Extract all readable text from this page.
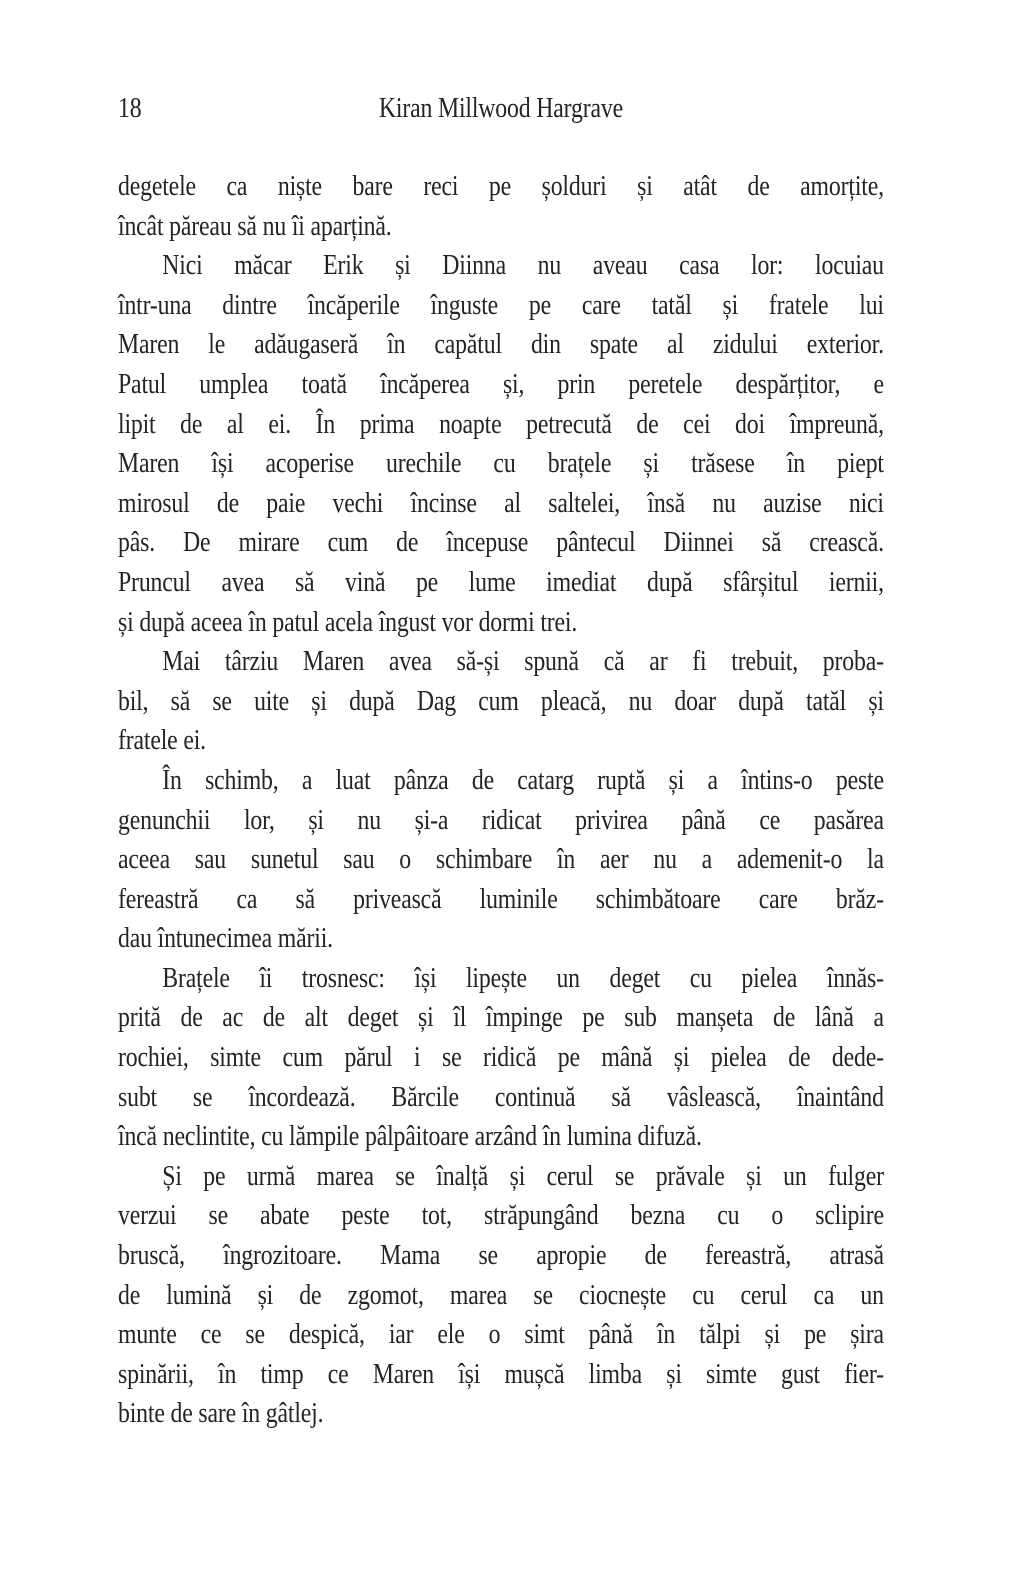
18	Kiran Millwood Hargrave
degetele ca niște bare reci pe șolduri și atât de amorțite,
încât păreau să nu îi aparțină.
Nici măcar Erik și Diinna nu aveau casa lor: locuiau
într-una dintre încăperile înguste pe care tatăl și fratele lui
Maren le adăugaseră în capătul din spate al zidului exterior.
Patul umplea toată încăperea și, prin peretele despărțitor, e
lipit de al ei. În prima noapte petrecută de cei doi împreună,
Maren își acoperise urechile cu brațele și trăsese în piept
mirosul de paie vechi încinse al saltelei, însă nu auzise nici
pâs. De mirare cum de începuse pântecul Diinnei să crească.
Pruncul avea să vină pe lume imediat după sfârșitul iernii,
și după aceea în patul acela îngust vor dormi trei.
Mai târziu Maren avea să-și spună că ar fi trebuit, proba-
bil, să se uite și după Dag cum pleacă, nu doar după tatăl și
fratele ei.
În schimb, a luat pânza de catarg ruptă și a întins-o peste
genunchii lor, și nu și-a ridicat privirea până ce pasărea
aceea sau sunetul sau o schimbare în aer nu a ademenit-o la
fereastră ca să privească luminile schimbătoare care brăz-
dau întunecimea mării.
Brațele îi trosnesc: își lipește un deget cu pielea înnăs-
prită de ac de alt deget și îl împinge pe sub manșeta de lână a
rochiei, simte cum părul i se ridică pe mână și pielea de dede-
subt se încordează. Bărcile continuă să vâslească, înaintând
încă neclintite, cu lămpile pâlpâitoare arzând în lumina difuză.
Și pe urmă marea se înalță și cerul se prăvale și un fulger
verzui se abate peste tot, străpungând bezna cu o sclipire
bruscă, îngrozitoare. Mama se apropie de fereastră, atrasă
de lumină și de zgomot, marea se ciocnește cu cerul ca un
munte ce se despică, iar ele o simt până în tălpi și pe șira
spinării, în timp ce Maren își mușcă limba și simte gust fier-
binte de sare în gâtlej.
